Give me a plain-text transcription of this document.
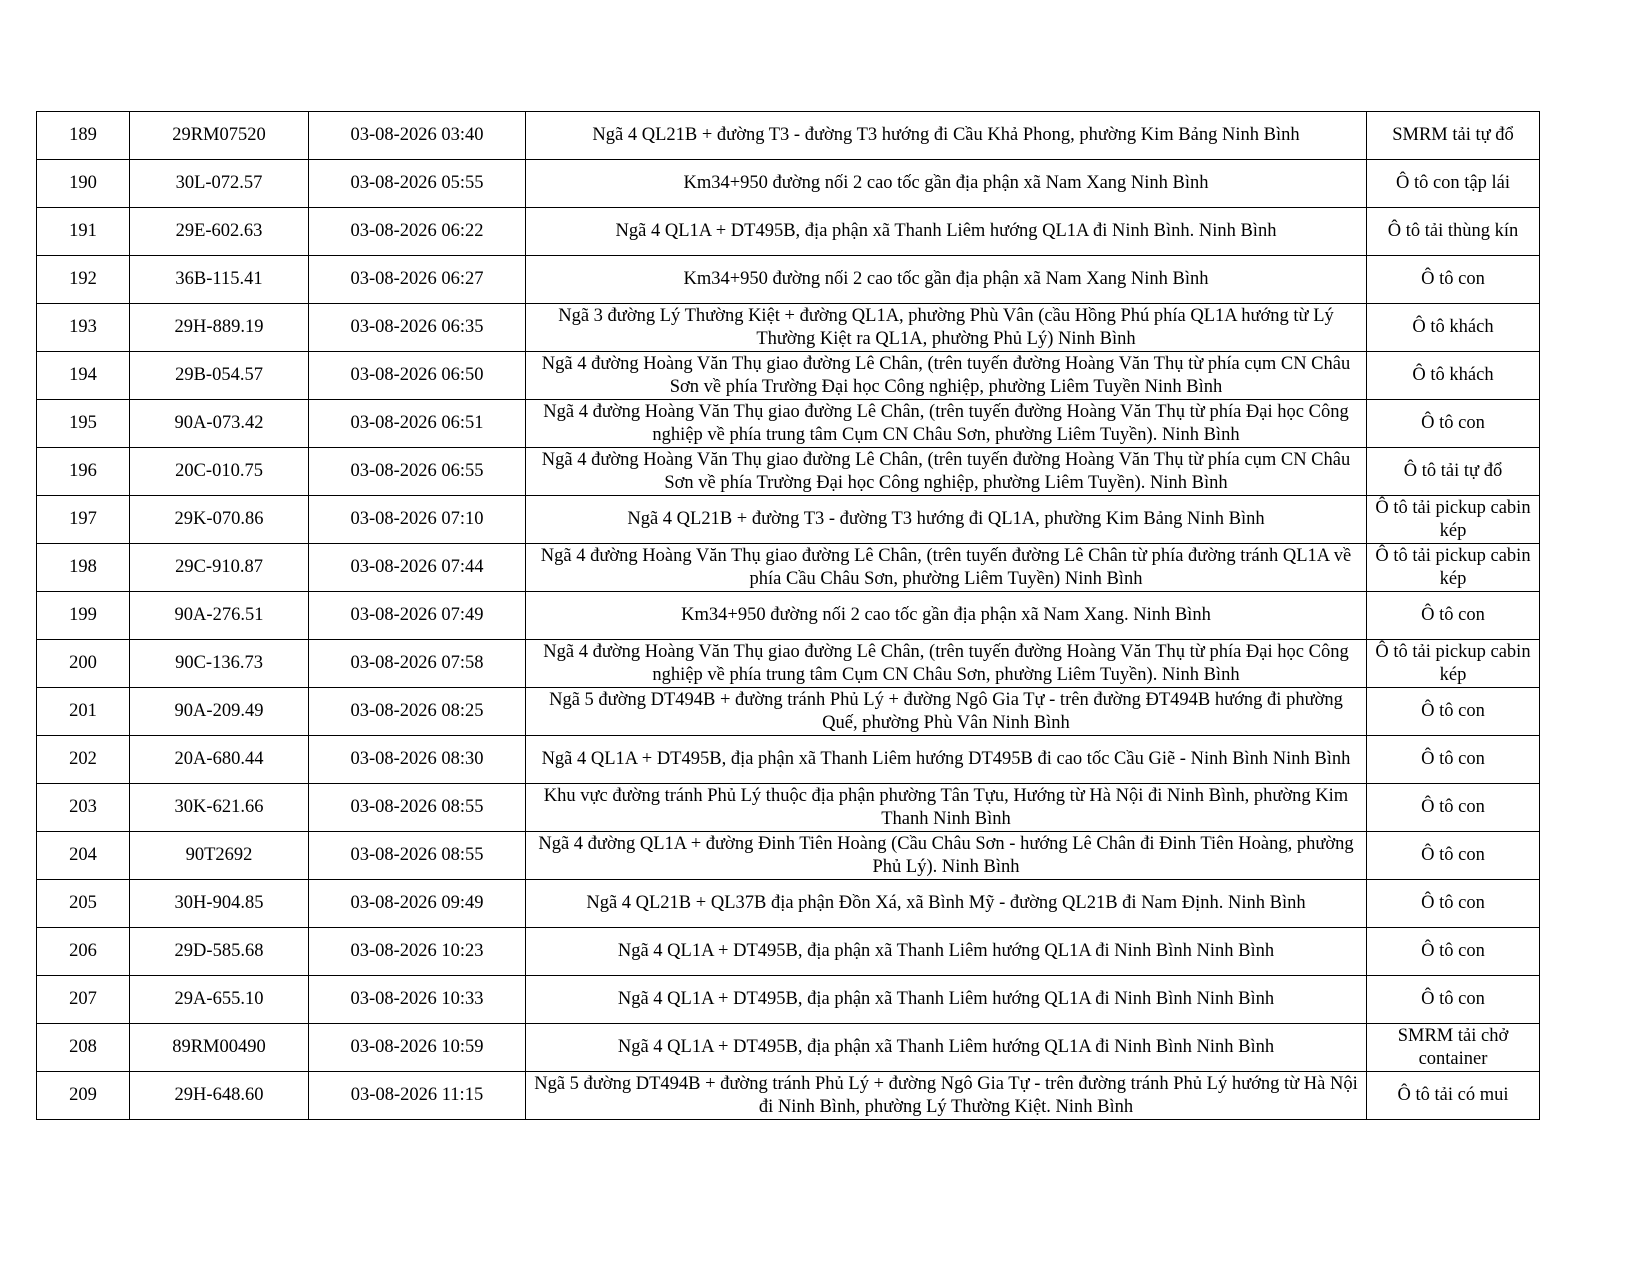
189	29RM07520	03-08-2026 03:40	Ngã 4 QL21B + đường T3 - đường T3 hướng đi Cầu Khả Phong, phường Kim Bảng Ninh Bình	SMRM tải tự đổ
190	30L-072.57	03-08-2026 05:55	Km34+950 đường nối 2 cao tốc gần địa phận xã Nam Xang Ninh Bình	Ô tô con tập lái
191	29E-602.63	03-08-2026 06:22	Ngã 4 QL1A + DT495B, địa phận xã Thanh Liêm hướng QL1A đi Ninh Bình. Ninh Bình	Ô tô tải thùng kín
192	36B-115.41	03-08-2026 06:27	Km34+950 đường nối 2 cao tốc gần địa phận xã Nam Xang Ninh Bình	Ô tô con
193	29H-889.19	03-08-2026 06:35	Ngã 3 đường Lý Thường Kiệt + đường QL1A, phường Phù Vân (cầu Hồng Phú phía QL1A hướng từ Lý Thường Kiệt ra QL1A, phường Phủ Lý) Ninh Bình	Ô tô khách
194	29B-054.57	03-08-2026 06:50	Ngã 4 đường Hoàng Văn Thụ giao đường Lê Chân, (trên tuyến đường Hoàng Văn Thụ từ phía cụm CN Châu Sơn về phía Trường Đại học Công nghiệp, phường Liêm Tuyền Ninh Bình	Ô tô khách
195	90A-073.42	03-08-2026 06:51	Ngã 4 đường Hoàng Văn Thụ giao đường Lê Chân, (trên tuyến đường Hoàng Văn Thụ từ phía Đại học Công nghiệp về phía trung tâm Cụm CN Châu Sơn, phường Liêm Tuyền). Ninh Bình	Ô tô con
196	20C-010.75	03-08-2026 06:55	Ngã 4 đường Hoàng Văn Thụ giao đường Lê Chân, (trên tuyến đường Hoàng Văn Thụ từ phía cụm CN Châu Sơn về phía Trường Đại học Công nghiệp, phường Liêm Tuyền). Ninh Bình	Ô tô tải tự đổ
197	29K-070.86	03-08-2026 07:10	Ngã 4 QL21B + đường T3 - đường T3 hướng đi QL1A, phường Kim Bảng Ninh Bình	Ô tô tải pickup cabin kép
198	29C-910.87	03-08-2026 07:44	Ngã 4 đường Hoàng Văn Thụ giao đường Lê Chân, (trên tuyến đường Lê Chân từ phía đường tránh QL1A về phía Cầu Châu Sơn, phường Liêm Tuyền) Ninh Bình	Ô tô tải pickup cabin kép
199	90A-276.51	03-08-2026 07:49	Km34+950 đường nối 2 cao tốc gần địa phận xã Nam Xang. Ninh Bình	Ô tô con
200	90C-136.73	03-08-2026 07:58	Ngã 4 đường Hoàng Văn Thụ giao đường Lê Chân, (trên tuyến đường Hoàng Văn Thụ từ phía Đại học Công nghiệp về phía trung tâm Cụm CN Châu Sơn, phường Liêm Tuyền). Ninh Bình	Ô tô tải pickup cabin kép
201	90A-209.49	03-08-2026 08:25	Ngã 5 đường DT494B + đường tránh Phủ Lý + đường Ngô Gia Tự - trên đường ĐT494B hướng đi phường Quế, phường Phù Vân Ninh Bình	Ô tô con
202	20A-680.44	03-08-2026 08:30	Ngã 4 QL1A + DT495B, địa phận xã Thanh Liêm hướng DT495B đi cao tốc Cầu Giẽ - Ninh Bình Ninh Bình	Ô tô con
203	30K-621.66	03-08-2026 08:55	Khu vực đường tránh Phủ Lý thuộc địa phận phường Tân Tựu, Hướng từ Hà Nội đi Ninh Bình, phường Kim Thanh Ninh Bình	Ô tô con
204	90T2692	03-08-2026 08:55	Ngã 4 đường QL1A + đường Đinh Tiên Hoàng (Cầu Châu Sơn - hướng Lê Chân đi Đinh Tiên Hoàng, phường Phủ Lý). Ninh Bình	Ô tô con
205	30H-904.85	03-08-2026 09:49	Ngã 4 QL21B + QL37B địa phận Đồn Xá, xã Bình Mỹ - đường QL21B đi Nam Định. Ninh Bình	Ô tô con
206	29D-585.68	03-08-2026 10:23	Ngã 4 QL1A + DT495B, địa phận xã Thanh Liêm hướng QL1A đi Ninh Bình Ninh Bình	Ô tô con
207	29A-655.10	03-08-2026 10:33	Ngã 4 QL1A + DT495B, địa phận xã Thanh Liêm hướng QL1A đi Ninh Bình Ninh Bình	Ô tô con
208	89RM00490	03-08-2026 10:59	Ngã 4 QL1A + DT495B, địa phận xã Thanh Liêm hướng QL1A đi Ninh Bình Ninh Bình	SMRM tải chở container
209	29H-648.60	03-08-2026 11:15	Ngã 5 đường DT494B + đường tránh Phủ Lý + đường Ngô Gia Tự - trên đường tránh Phủ Lý hướng từ Hà Nội đi Ninh Bình, phường Lý Thường Kiệt. Ninh Bình	Ô tô tải có mui
